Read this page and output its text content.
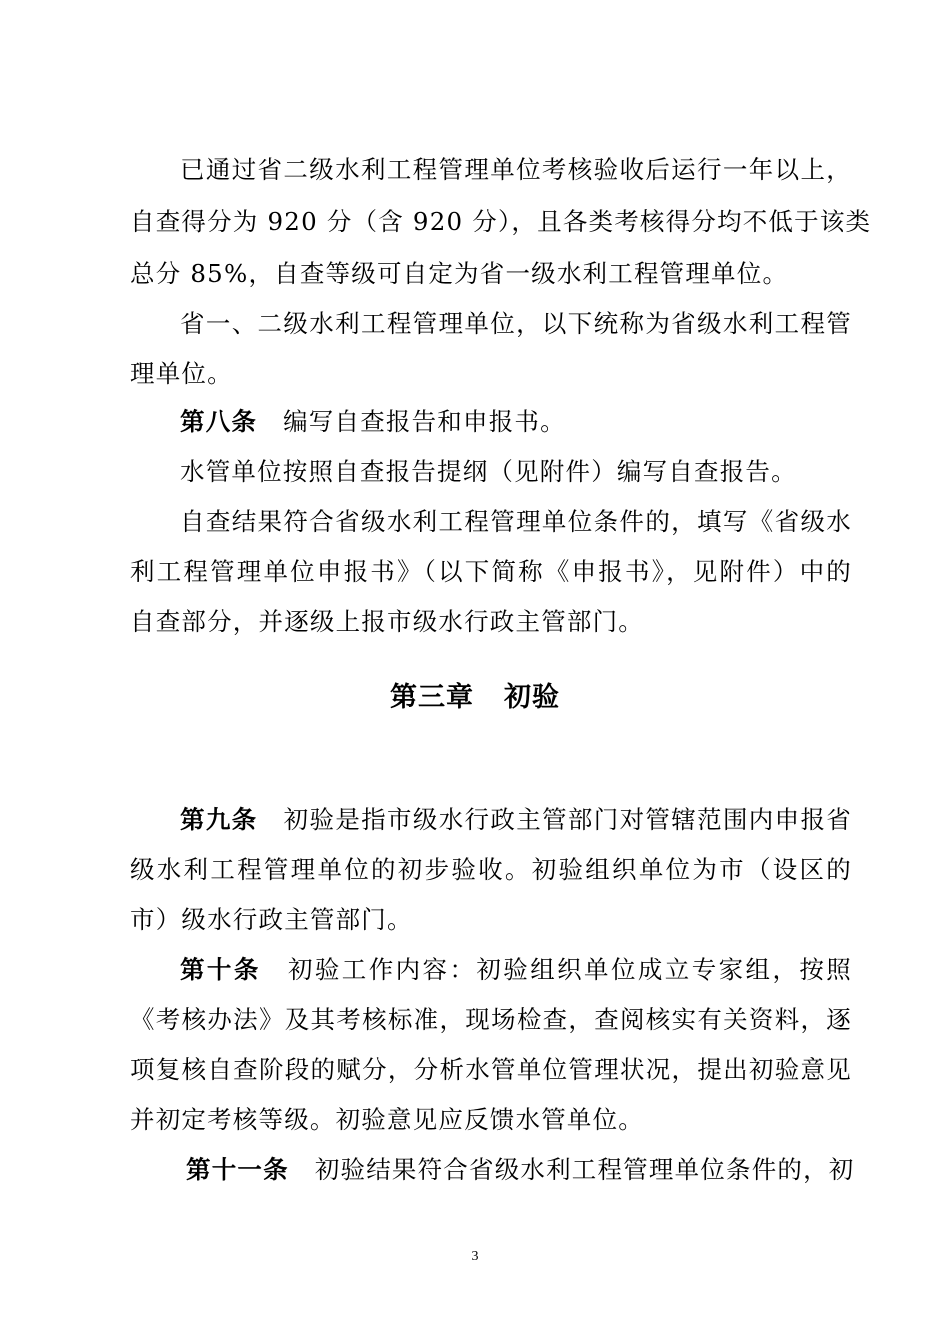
已通过省二级水利工程管理单位考核验收后运行一年以上，
自查得分为 920 分（含 920 分），且各类考核得分均不低于该类
总分 85%，自查等级可自定为省一级水利工程管理单位。
省一、二级水利工程管理单位，以下统称为省级水利工程管
理单位。
第八条 编写自查报告和申报书。
水管单位按照自查报告提纲（见附件）编写自查报告。
自查结果符合省级水利工程管理单位条件的，填写《省级水
利工程管理单位申报书》（以下简称《申报书》，见附件）中的
自查部分，并逐级上报市级水行政主管部门。
第三章 初验
第九条 初验是指市级水行政主管部门对管辖范围内申报省
级水利工程管理单位的初步验收。初验组织单位为市（设区的
市）级水行政主管部门。
第十条 初验工作内容：初验组织单位成立专家组，按照
《考核办法》及其考核标准，现场检查，查阅核实有关资料，逐
项复核自查阶段的赋分，分析水管单位管理状况，提出初验意见
并初定考核等级。初验意见应反馈水管单位。
第十一条 初验结果符合省级水利工程管理单位条件的，初
3
